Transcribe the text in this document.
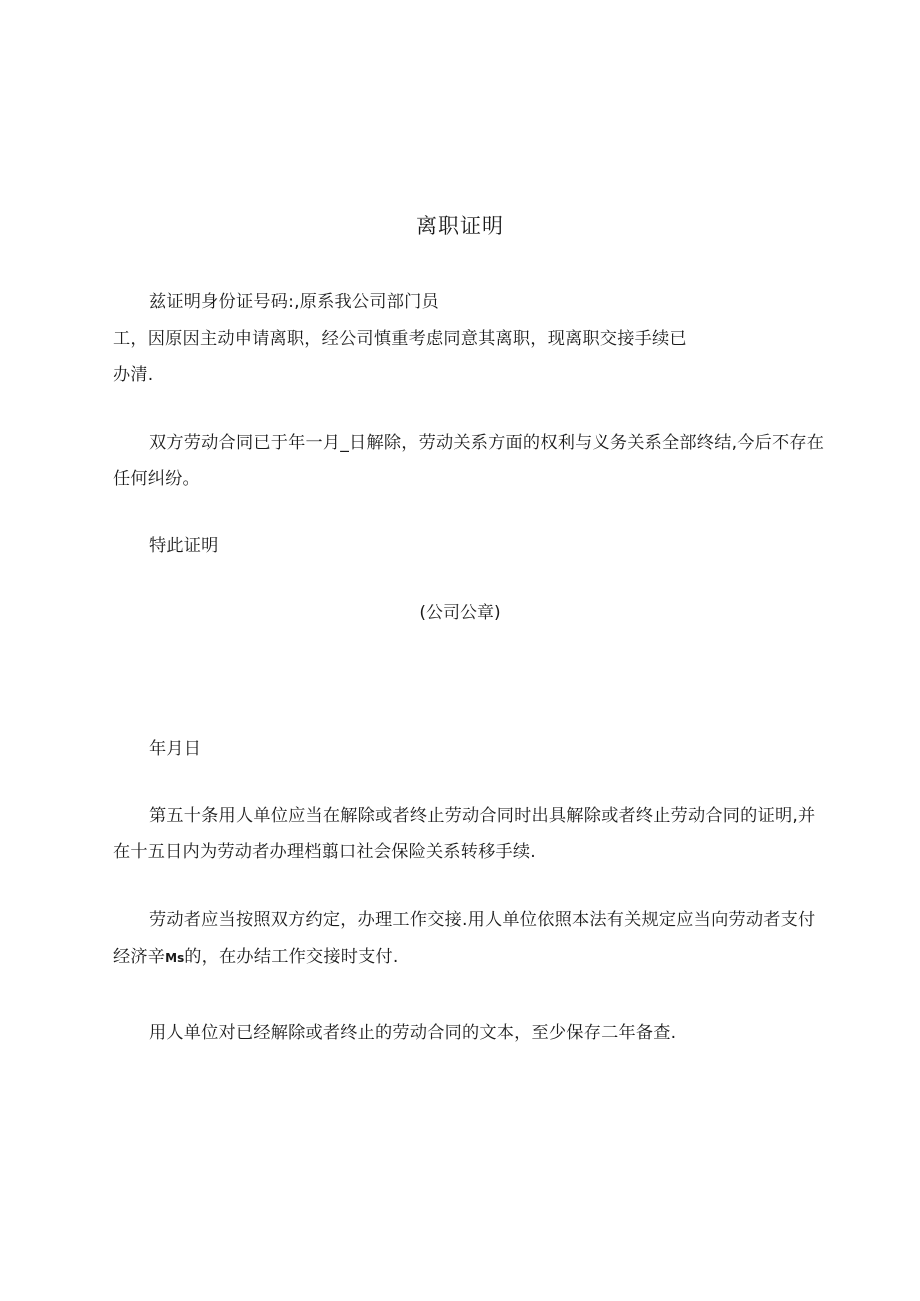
离职证明
兹证明身份证号码:,原系我公司部门员
工，因原因主动申请离职，经公司慎重考虑同意其离职，现离职交接手续已
办清.
双方劳动合同已于年一月_日解除，劳动关系方面的权利与义务关系全部终结,今后不存在
任何纠纷。
特此证明
(公司公章)
年月日
第五十条用人单位应当在解除或者终止劳动合同时出具解除或者终止劳动合同的证明,并
在十五日内为劳动者办理档翦口社会保险关系转移手续.
劳动者应当按照双方约定，办理工作交接.用人单位依照本法有关规定应当向劳动者支付
经济辛Ms的，在办结工作交接时支付.
用人单位对已经解除或者终止的劳动合同的文本，至少保存二年备查.
